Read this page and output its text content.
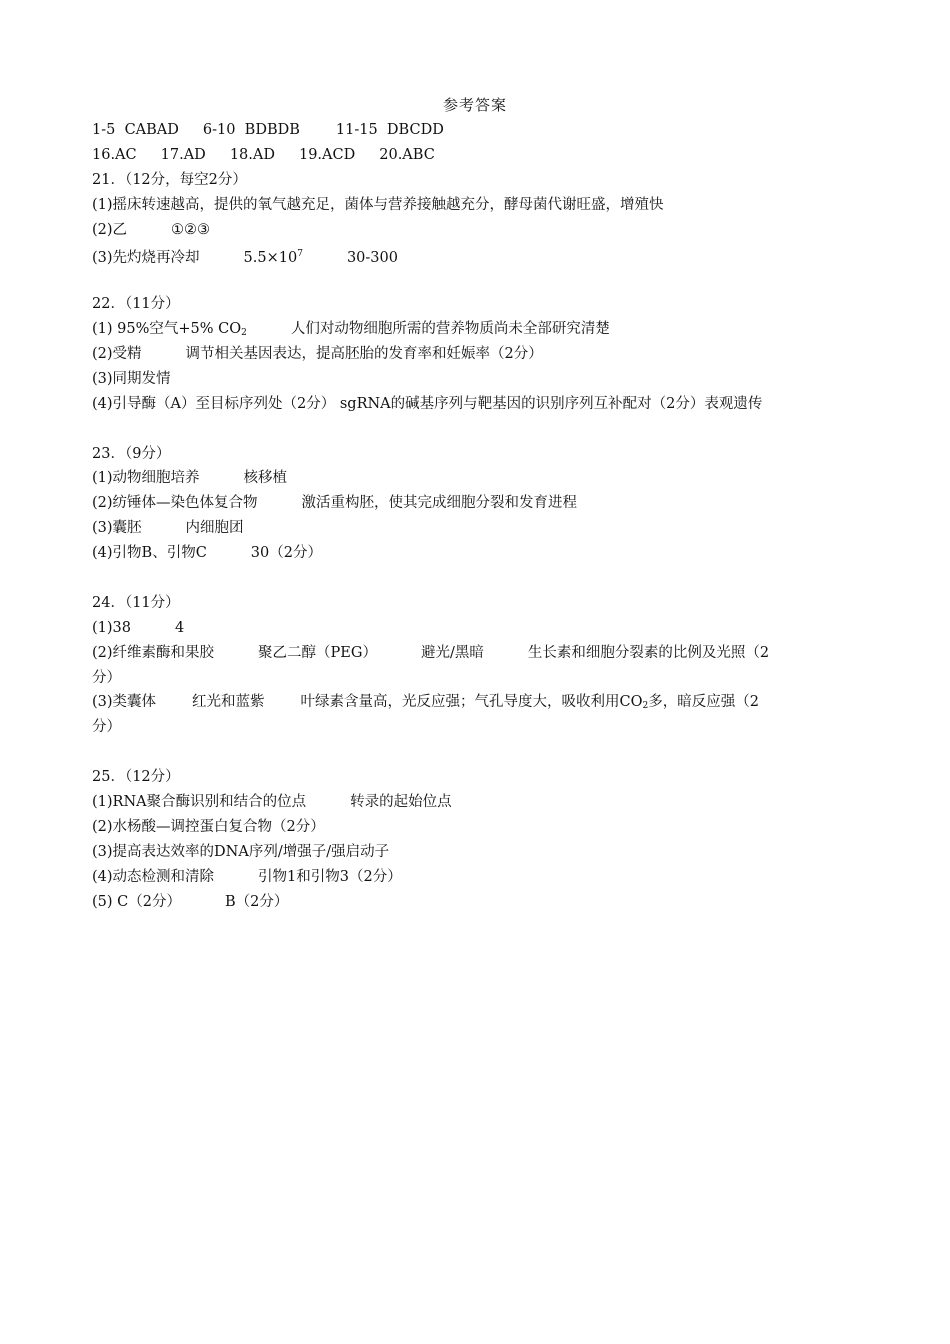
参考答案
1-5  CABAD 6-10  BDBDB 11-15  DBCDD
16.AC 17.AD 18.AD 19.ACD 20.ABC
21．（12分，每空2分）
(1)摇床转速越高，提供的氧气越充足，菌体与营养接触越充分，酵母菌代谢旺盛，增殖快
(2)乙	①②③
(3)先灼烧再冷却	$5.5\times 10^7$	30-300
22．（11分）
(1) 95%空气+5% $CO_2$	人们对动物细胞所需的营养物质尚未全部研究清楚
(2)受精	调节相关基因表达，提高胚胎的发育率和妊娠率（2分）
(3)同期发情
(4)引导酶（A）至目标序列处（2分） sgRNA的碱基序列与靶基因的识别序列互补配对（2分）表观遗传
23．（9分）
(1)动物细胞培养	核移植
(2)纺锤体—染色体复合物	激活重构胚，使其完成细胞分裂和发育进程
(3)囊胚	内细胞团
(4)引物B、引物C	30（2分）
24．（11分）
(1)38	4
(2)纤维素酶和果胶	聚乙二醇（PEG）	避光/黑暗	生长素和细胞分裂素的比例及光照（2
分）
(3)类囊体 红光和蓝紫 叶绿素含量高，光反应强；气孔导度大，吸收利用$CO_2$多，暗反应强（2
分）
25．（12分）
(1)RNA聚合酶识别和结合的位点	转录的起始位点
(2)水杨酸—调控蛋白复合物（2分）
(3)提高表达效率的DNA序列/增强子/强启动子
(4)动态检测和清除	引物1和引物3（2分）
(5) C（2分）	B（2分）
